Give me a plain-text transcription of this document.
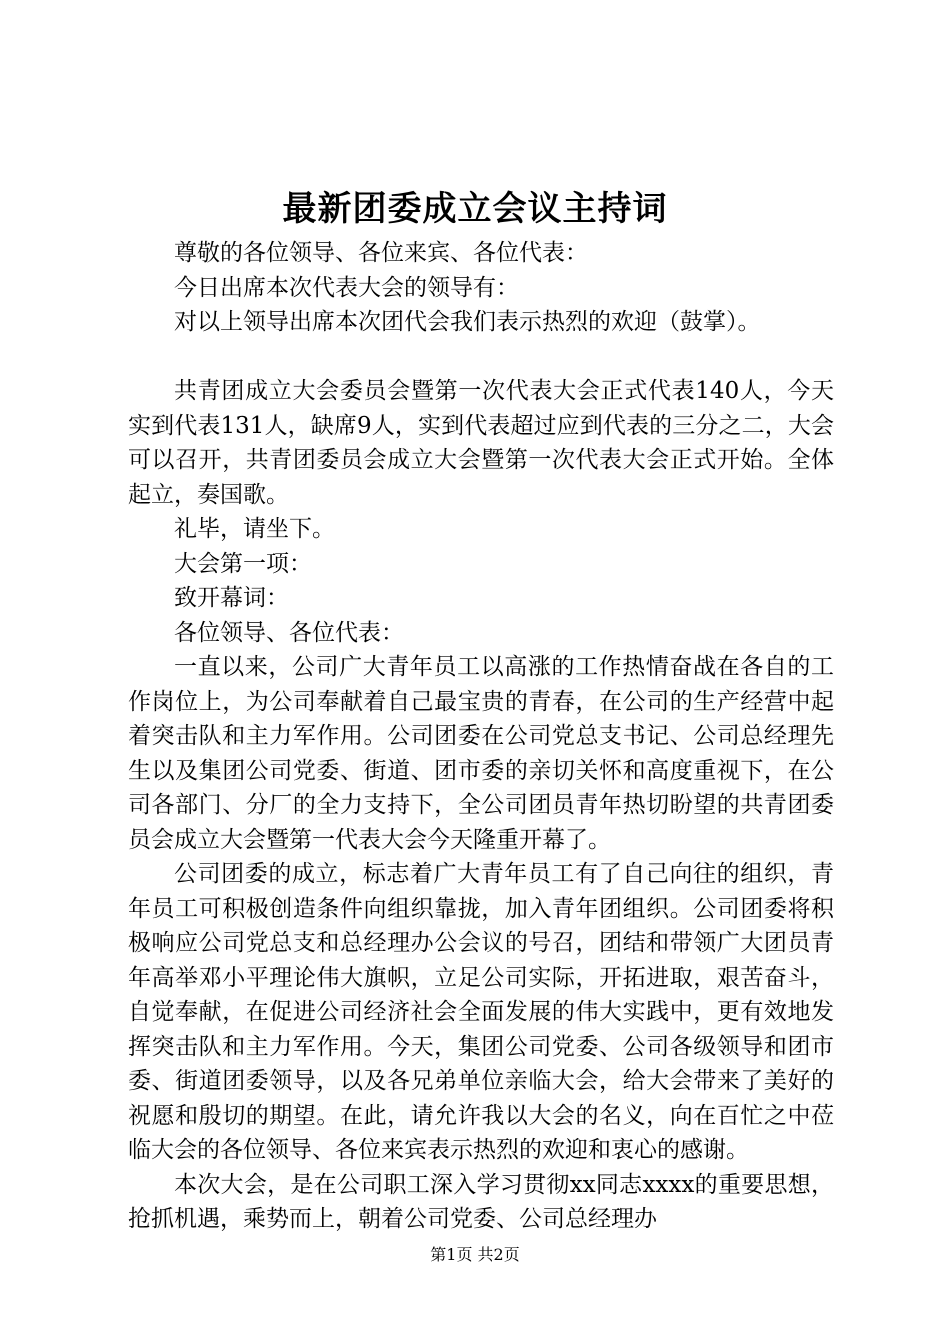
最新团委成立会议主持词

尊敬的各位领导、各位来宾、各位代表：

今日出席本次代表大会的领导有：

对以上领导出席本次团代会我们表示热烈的欢迎（鼓掌）。

共青团成立大会委员会暨第一次代表大会正式代表140人，今天实到代表131人，缺席9人，实到代表超过应到代表的三分之二，大会可以召开，共青团委员会成立大会暨第一次代表大会正式开始。全体起立，奏国歌。

礼毕，请坐下。

大会第一项：

致开幕词：

各位领导、各位代表：

一直以来，公司广大青年员工以高涨的工作热情奋战在各自的工作岗位上，为公司奉献着自己最宝贵的青春，在公司的生产经营中起着突击队和主力军作用。公司团委在公司党总支书记、公司总经理先生以及集团公司党委、街道、团市委的亲切关怀和高度重视下，在公司各部门、分厂的全力支持下，全公司团员青年热切盼望的共青团委员会成立大会暨第一代表大会今天隆重开幕了。

公司团委的成立，标志着广大青年员工有了自己向往的组织，青年员工可积极创造条件向组织靠拢，加入青年团组织。公司团委将积极响应公司党总支和总经理办公会议的号召，团结和带领广大团员青年高举邓小平理论伟大旗帜，立足公司实际，开拓进取，艰苦奋斗，自觉奉献，在促进公司经济社会全面发展的伟大实践中，更有效地发挥突击队和主力军作用。今天，集团公司党委、公司各级领导和团市委、街道团委领导，以及各兄弟单位亲临大会，给大会带来了美好的祝愿和殷切的期望。在此，请允许我以大会的名义，向在百忙之中莅临大会的各位领导、各位来宾表示热烈的欢迎和衷心的感谢。

本次大会，是在公司职工深入学习贯彻xx同志xxxx的重要思想，抢抓机遇，乘势而上，朝着公司党委、公司总经理办

第1页 共2页
